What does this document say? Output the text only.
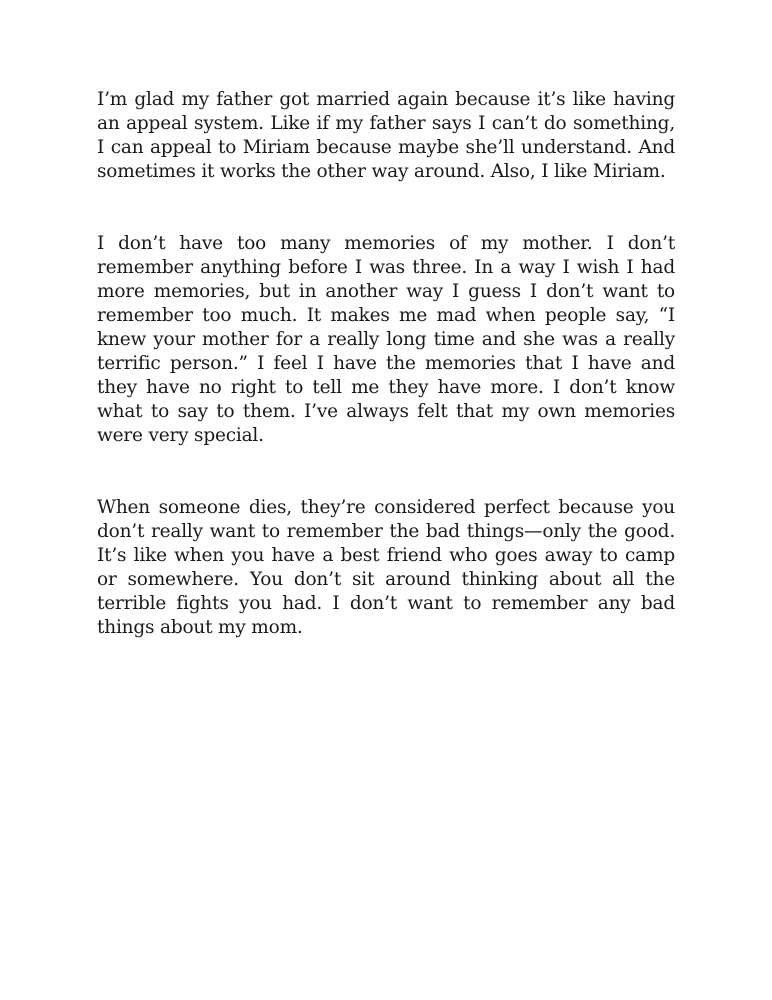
I’m glad my father got married again because it’s like having an appeal system. Like if my father says I can’t do something, I can appeal to Miriam because maybe she’ll understand. And sometimes it works the other way around. Also, I like Miriam.

I don’t have too many memories of my mother. I don’t remember anything before I was three. In a way I wish I had more memories, but in another way I guess I don’t want to remember too much. It makes me mad when people say, “I knew your mother for a really long time and she was a really terrific person.” I feel I have the memories that I have and they have no right to tell me they have more. I don’t know what to say to them. I’ve always felt that my own memories were very special.

When someone dies, they’re considered perfect because you don’t really want to remember the bad things—only the good. It’s like when you have a best friend who goes away to camp or somewhere. You don’t sit around thinking about all the terrible fights you had. I don’t want to remember any bad things about my mom.
